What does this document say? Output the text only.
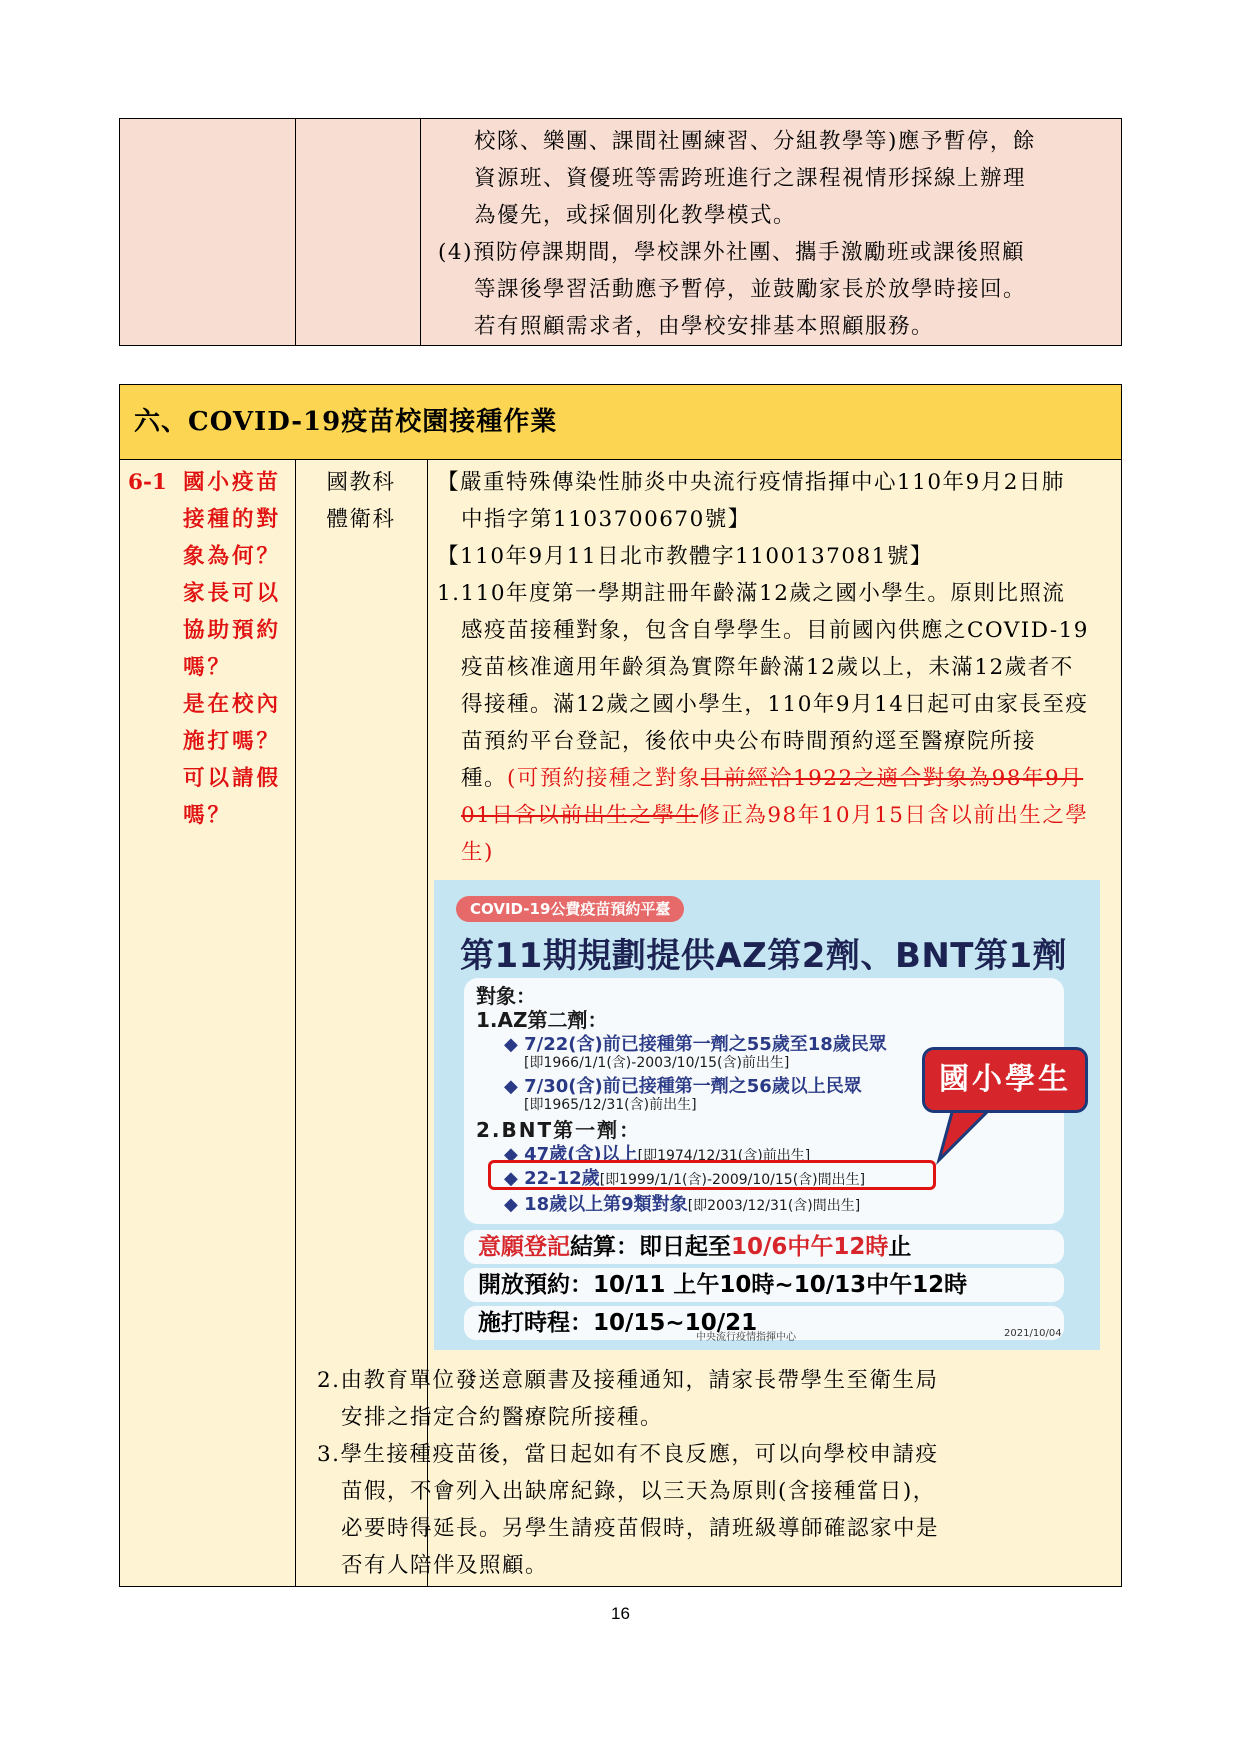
校隊、樂團、課間社團練習、分組教學等)應予暫停，餘
資源班、資優班等需跨班進行之課程視情形採線上辦理
為優先，或採個別化教學模式。
(4)預防停課期間，學校課外社團、攜手激勵班或課後照顧
等課後學習活動應予暫停，並鼓勵家長於放學時接回。
若有照顧需求者，由學校安排基本照顧服務。
六、COVID-19疫苗校園接種作業
6-1 國小疫苗
接種的對
象為何？
家長可以
協助預約
嗎？
是在校內
施打嗎？
可以請假
嗎？
國教科
體衛科
【嚴重特殊傳染性肺炎中央流行疫情指揮中心110年9月2日肺
中指字第1103700670號】
【110年9月11日北市教體字1100137081號】
1.110年度第一學期註冊年齡滿12歲之國小學生。原則比照流
感疫苗接種對象，包含自學學生。目前國內供應之COVID-19
疫苗核准適用年齡須為實際年齡滿12歲以上，未滿12歲者不
得接種。滿12歲之國小學生，110年9月14日起可由家長至疫
苗預約平台登記，後依中央公布時間預約逕至醫療院所接
種。(可預約接種之對象目前經洽1922之適合對象為98年9月
01日含以前出生之學生修正為98年10月15日含以前出生之學
生)
COVID-19公費疫苗預約平臺
第11期規劃提供AZ第2劑、BNT第1劑
對象：
1.AZ第二劑：
◆ 7/22(含)前已接種第一劑之55歲至18歲民眾
[即1966/1/1(含)-2003/10/15(含)前出生]
◆ 7/30(含)前已接種第一劑之56歲以上民眾
[即1965/12/31(含)前出生]
2.BNT第一劑：
◆ 47歲(含)以上[即1974/12/31(含)前出生]
◆ 22-12歲[即1999/1/1(含)-2009/10/15(含)間出生]
◆ 18歲以上第9類對象[即2003/12/31(含)間出生]
國小學生
意願登記結算：即日起至10/6中午12時止
開放預約：10/11 上午10時~10/13中午12時
施打時程：10/15~10/21
中央流行疫情指揮中心	2021/10/04
2.由教育單位發送意願書及接種通知，請家長帶學生至衛生局
安排之指定合約醫療院所接種。
3.學生接種疫苗後，當日起如有不良反應，可以向學校申請疫
苗假，不會列入出缺席紀錄，以三天為原則(含接種當日)，
必要時得延長。另學生請疫苗假時，請班級導師確認家中是
否有人陪伴及照顧。
16
